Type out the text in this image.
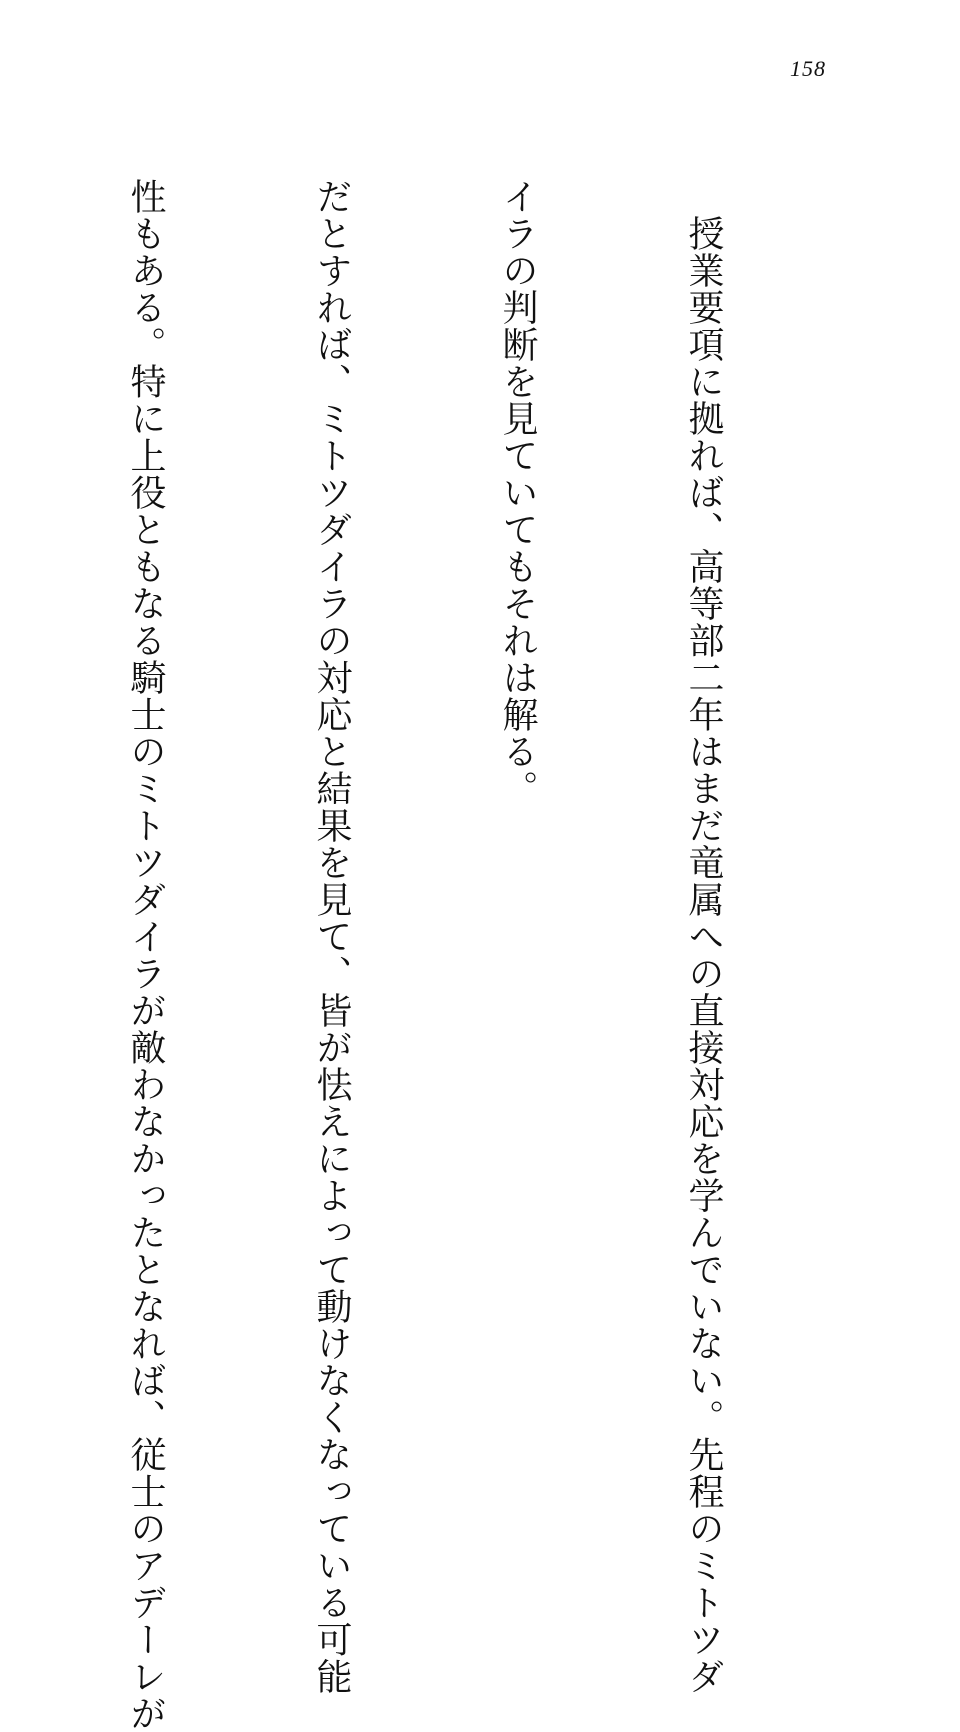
158

　授業要項に拠れば、高等部二年はまだ竜属への直接対応を学んでいない。先程のミトツダ

イラの判断を見ていてもそれは解る。

だとすれば、ミトツダイラの対応と結果を見て、皆が怯えによって動けなくなっている可能

性もある。特に上役ともなる騎士のミトツダイラが敵わなかったとなれば、従士のアデーレが
